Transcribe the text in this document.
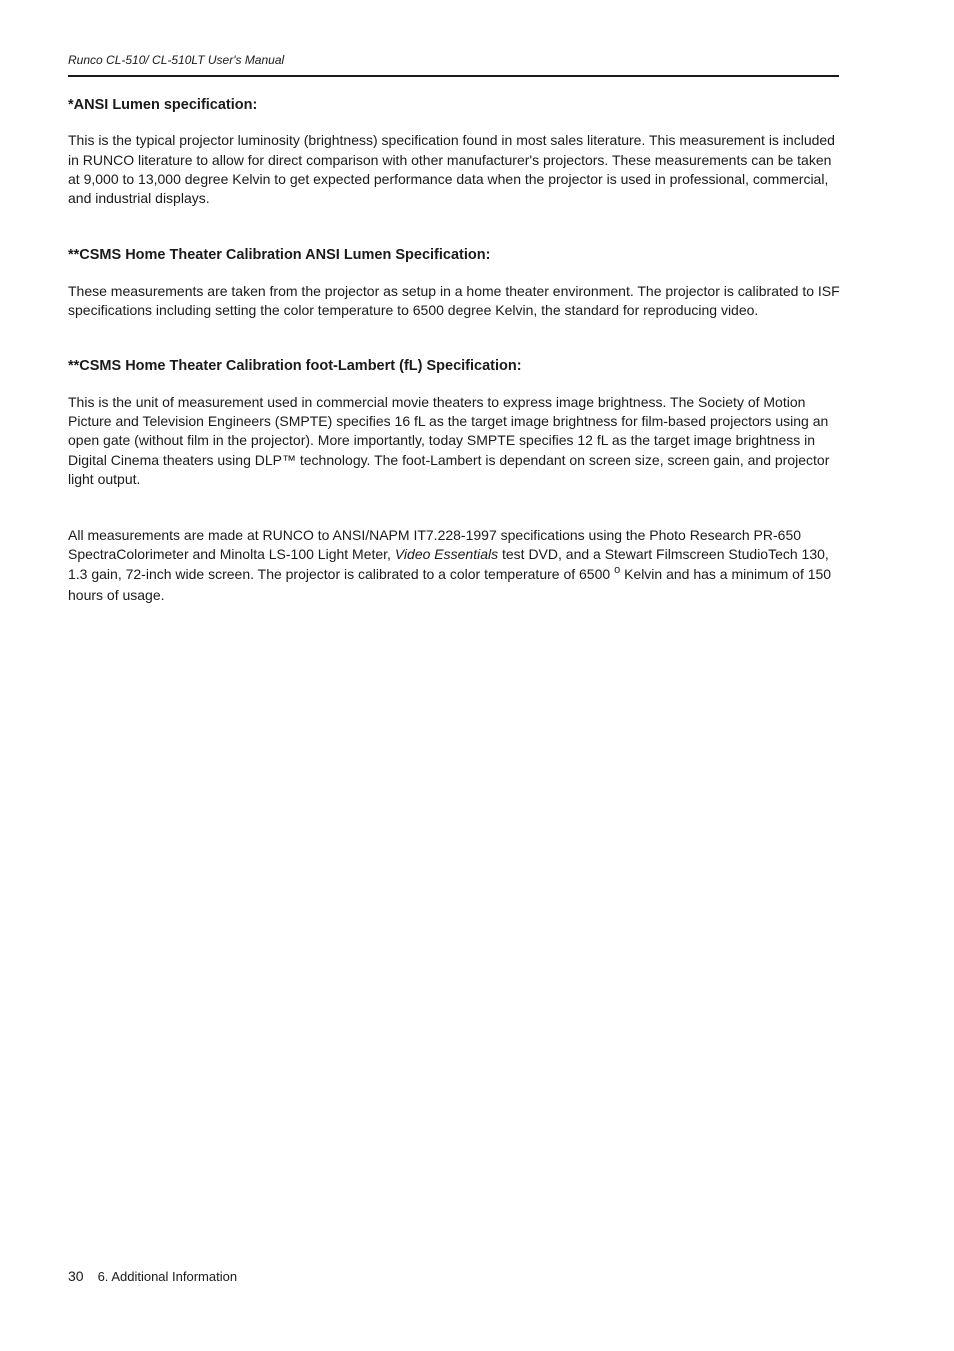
Runco CL-510/ CL-510LT User's Manual

*ANSI Lumen specification:

This is the typical projector luminosity (brightness) specification found in most sales literature. This measurement is included in RUNCO literature to allow for direct comparison with other manufacturer's projectors. These measurements can be taken at 9,000 to 13,000 degree Kelvin to get expected performance data when the projector is used in professional, commercial, and industrial displays.

**CSMS Home Theater Calibration ANSI Lumen Specification:

These measurements are taken from the projector as setup in a home theater environment. The projector is calibrated to ISF specifications including setting the color temperature to 6500 degree Kelvin, the standard for reproducing video.

**CSMS Home Theater Calibration foot-Lambert (fL) Specification:

This is the unit of measurement used in commercial movie theaters to express image brightness. The Society of Motion Picture and Television Engineers (SMPTE) specifies 16 fL as the target image brightness for film-based projectors using an open gate (without film in the projector). More importantly, today SMPTE specifies 12 fL as the target image brightness in Digital Cinema theaters using DLP™ technology. The foot-Lambert is dependant on screen size, screen gain, and projector light output.

All measurements are made at RUNCO to ANSI/NAPM IT7.228-1997 specifications using the Photo Research PR-650 SpectraColorimeter and Minolta LS-100 Light Meter, Video Essentials test DVD, and a Stewart Filmscreen StudioTech 130, 1.3 gain, 72-inch wide screen. The projector is calibrated to a color temperature of 6500 $^o$ Kelvin and has a minimum of 150 hours of usage.

30 6. Additional Information
